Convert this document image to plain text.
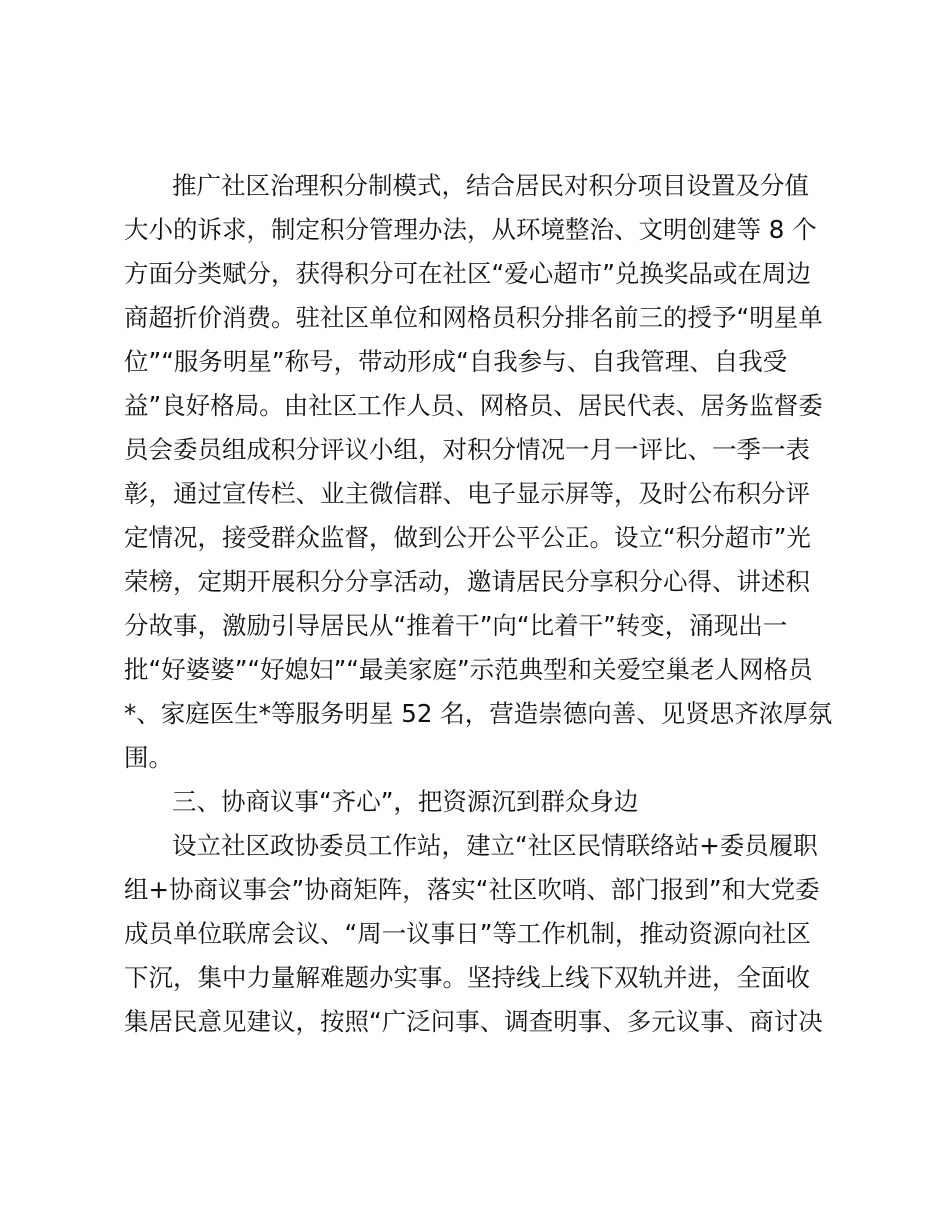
推广社区治理积分制模式，结合居民对积分项目设置及分值
大小的诉求，制定积分管理办法，从环境整治、文明创建等 8 个
方面分类赋分，获得积分可在社区“爱心超市”兑换奖品或在周边
商超折价消费。驻社区单位和网格员积分排名前三的授予“明星单
位”“服务明星”称号，带动形成“自我参与、自我管理、自我受
益”良好格局。由社区工作人员、网格员、居民代表、居务监督委
员会委员组成积分评议小组，对积分情况一月一评比、一季一表
彰，通过宣传栏、业主微信群、电子显示屏等，及时公布积分评
定情况，接受群众监督，做到公开公平公正。设立“积分超市”光
荣榜，定期开展积分分享活动，邀请居民分享积分心得、讲述积
分故事，激励引导居民从“推着干”向“比着干”转变，涌现出一
批“好婆婆”“好媳妇”“最美家庭”示范典型和关爱空巢老人网格员
*、家庭医生*等服务明星 52 名，营造崇德向善、见贤思齐浓厚氛
围。
三、协商议事“齐心”，把资源沉到群众身边
设立社区政协委员工作站，建立“社区民情联络站+委员履职
组+协商议事会”协商矩阵，落实“社区吹哨、部门报到”和大党委
成员单位联席会议、“周一议事日”等工作机制，推动资源向社区
下沉，集中力量解难题办实事。坚持线上线下双轨并进，全面收
集居民意见建议，按照“广泛问事、调查明事、多元议事、商讨决
